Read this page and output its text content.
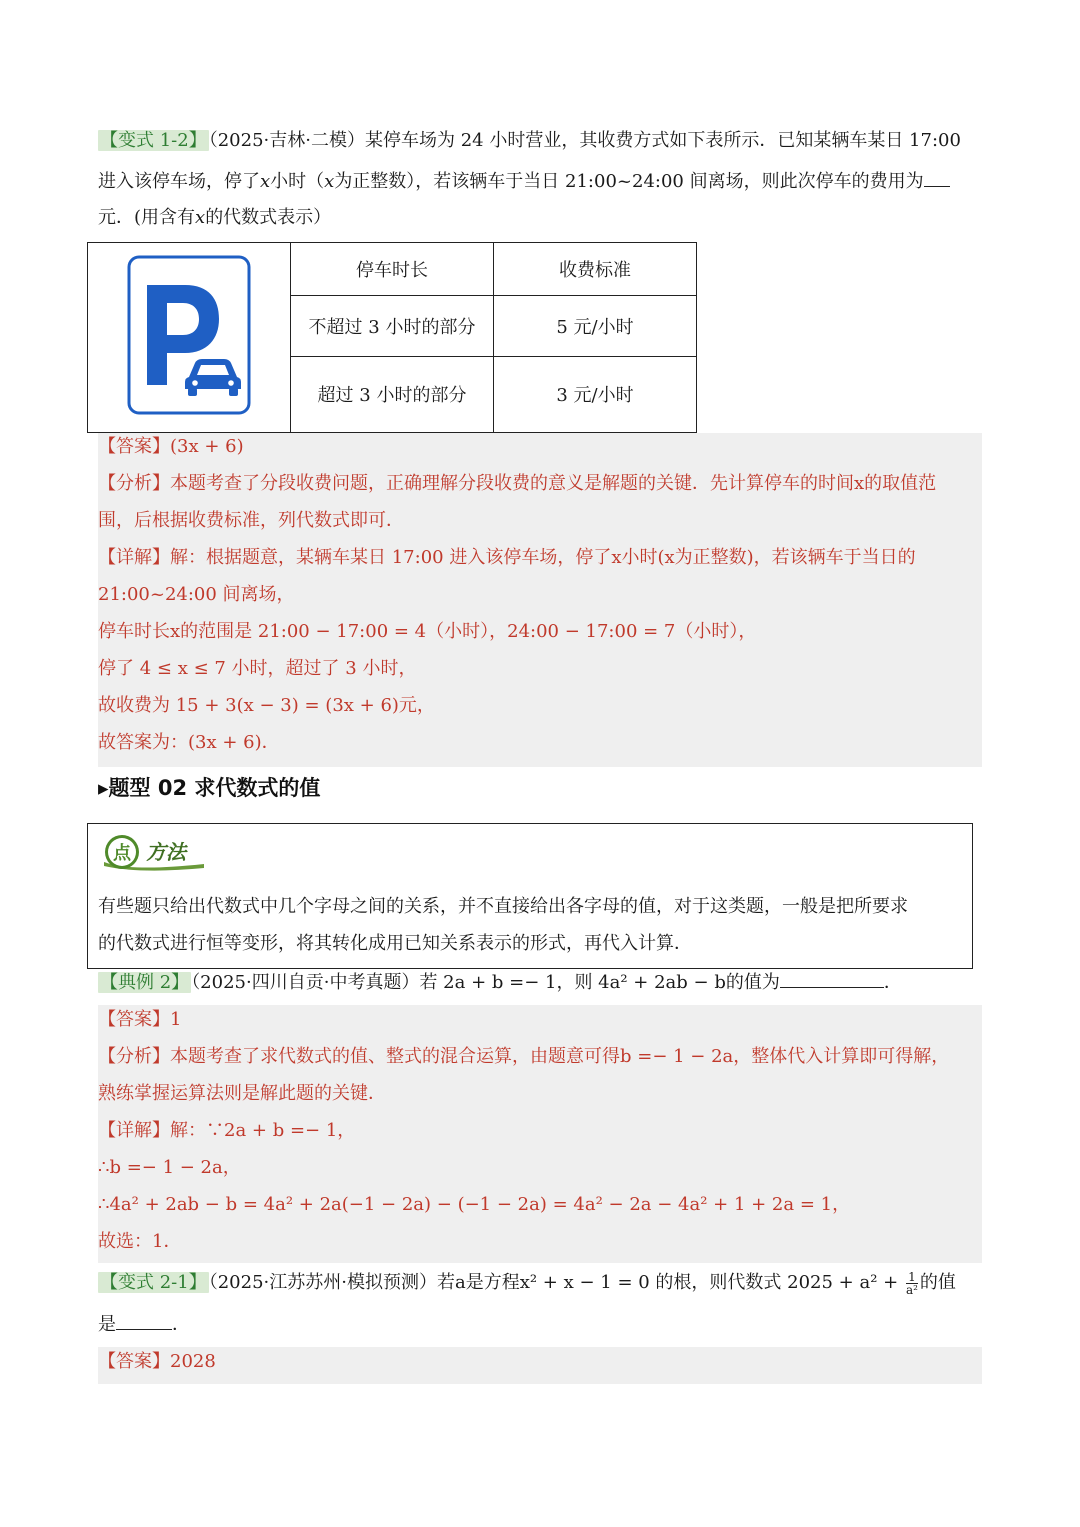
【变式 1-2】 （2025·吉林·二模）某停车场为 24 小时营业，其收费方式如下表所示．已知某辆车某日 17:00
进入该停车场，停了x小时（x为正整数），若该辆车于当日 21:00~24:00 间离场，则此次停车的费用为
元．(用含有x的代数式表示）
	停车时长	收费标准
	不超过 3 小时的部分	5 元/小时
	超过 3 小时的部分	3 元/小时
【答案】(3x + 6)
【分析】本题考查了分段收费问题，正确理解分段收费的意义是解题的关键．先计算停车的时间x的取值范
围，后根据收费标准，列代数式即可．
【详解】解：根据题意，某辆车某日 17:00 进入该停车场，停了x小时(x为正整数)，若该辆车于当日的
21:00~24:00 间离场，
停车时长x的范围是 21:00 − 17:00 = 4（小时），24:00 − 17:00 = 7（小时），
停了 4 ≤ x ≤ 7 小时，超过了 3 小时，
故收费为 15 + 3(x − 3) = (3x + 6)元，
故答案为：(3x + 6)．
▸题型 02 求代数式的值
点 方法
有些题只给出代数式中几个字母之间的关系，并不直接给出各字母的值，对于这类题，一般是把所要求
的代数式进行恒等变形，将其转化成用已知关系表示的形式，再代入计算．
【典例 2】 （2025·四川自贡·中考真题）若 2a + b =− 1，则 4a² + 2ab − b的值为	．
【答案】1
【分析】本题考查了求代数式的值、整式的混合运算，由题意可得b =− 1 − 2a，整体代入计算即可得解，
熟练掌握运算法则是解此题的关键．
【详解】解：∵2a + b =− 1，
∴b =− 1 − 2a，
∴4a² + 2ab − b = 4a² + 2a(−1 − 2a) − (−1 − 2a) = 4a² − 2a − 4a² + 1 + 2a = 1，
故选：1．
【变式 2-1】 （2025·江苏苏州·模拟预测）若a是方程x² + x − 1 = 0 的根，则代数式 $2025 + a^2 + \frac{1}{\text{a²}}$ 的值
是	．
【答案】2028
